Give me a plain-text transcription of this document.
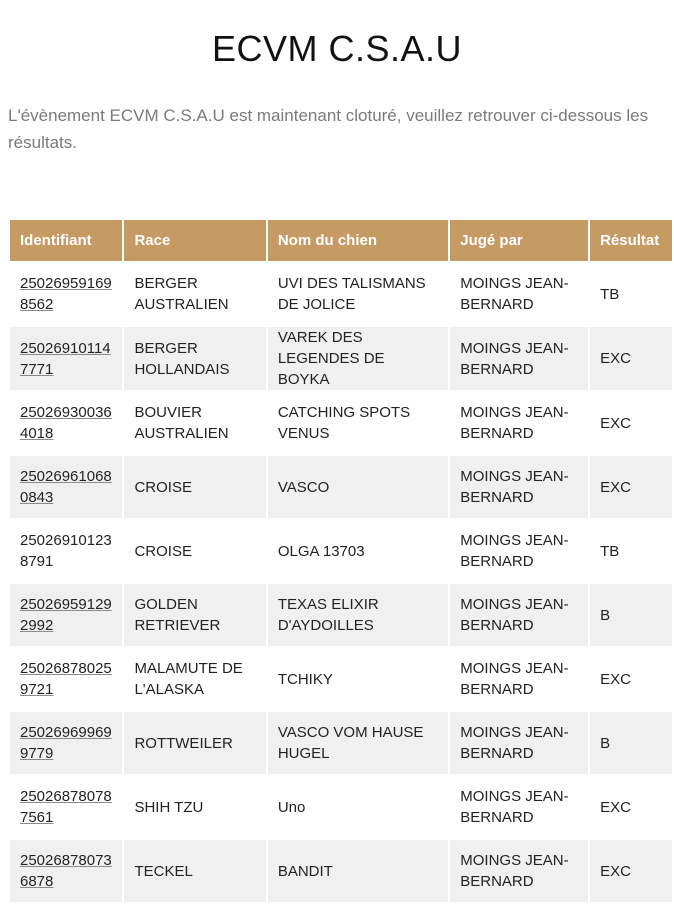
ECVM C.S.A.U

L'évènement ECVM C.S.A.U est maintenant cloturé, veuillez retrouver ci-dessous les résultats.

Identifiant	Race	Nom du chien	Jugé par	Résultat
250269591698562	BERGER AUSTRALIEN	UVI DES TALISMANS DE JOLICE	MOINGS JEAN-BERNARD	TB
250269101147771	BERGER HOLLANDAIS	VAREK DES LEGENDES DE BOYKA	MOINGS JEAN-BERNARD	EXC
250269300364018	BOUVIER AUSTRALIEN	CATCHING SPOTS VENUS	MOINGS JEAN-BERNARD	EXC
250269610680843	CROISE	VASCO	MOINGS JEAN-BERNARD	EXC
250269101238791	CROISE	OLGA 13703	MOINGS JEAN-BERNARD	TB
250269591292992	GOLDEN RETRIEVER	TEXAS ELIXIR D'AYDOILLES	MOINGS JEAN-BERNARD	B
250268780259721	MALAMUTE DE L'ALASKA	TCHIKY	MOINGS JEAN-BERNARD	EXC
250269699699779	ROTTWEILER	VASCO VOM HAUSE HUGEL	MOINGS JEAN-BERNARD	B
250268780787561	SHIH TZU	Uno	MOINGS JEAN-BERNARD	EXC
250268780736878	TECKEL	BANDIT	MOINGS JEAN-BERNARD	EXC
